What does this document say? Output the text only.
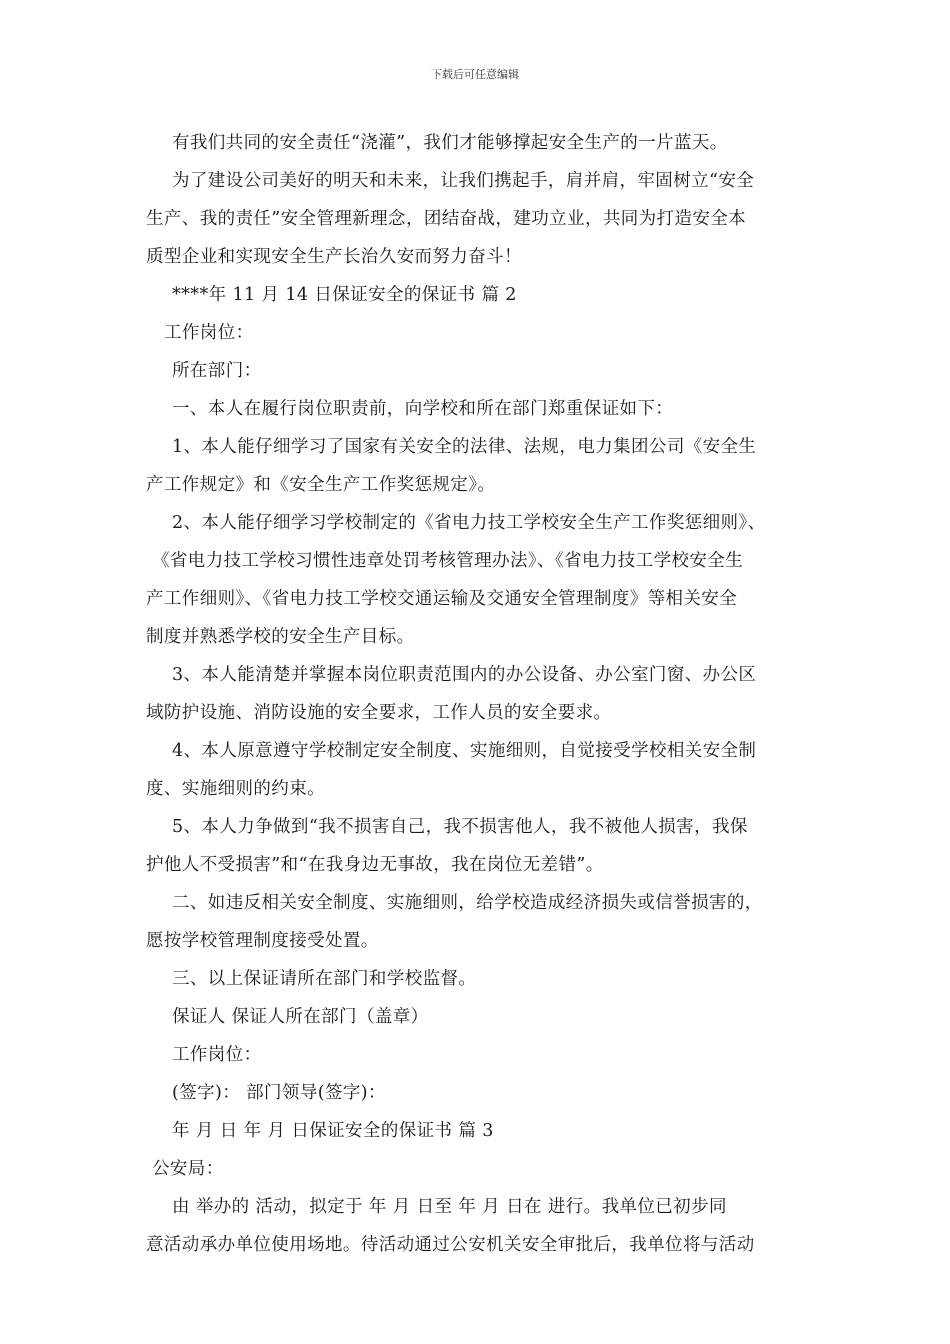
下载后可任意编辑
有我们共同的安全责任“浇灌”，我们才能够撑起安全生产的一片蓝天。
为了建设公司美好的明天和未来，让我们携起手，肩并肩，牢固树立“安全
生产、我的责任”安全管理新理念，团结奋战，建功立业，共同为打造安全本
质型企业和实现安全生产长治久安而努力奋斗！
****年 11 月 14 日保证安全的保证书 篇 2
工作岗位：
所在部门：
一、本人在履行岗位职责前，向学校和所在部门郑重保证如下：
1、本人能仔细学习了国家有关安全的法律、法规，电力集团公司《安全生
产工作规定》和《安全生产工作奖惩规定》。
2、本人能仔细学习学校制定的《省电力技工学校安全生产工作奖惩细则》、
《省电力技工学校习惯性违章处罚考核管理办法》、《省电力技工学校安全生
产工作细则》、《省电力技工学校交通运输及交通安全管理制度》等相关安全
制度并熟悉学校的安全生产目标。
3、本人能清楚并掌握本岗位职责范围内的办公设备、办公室门窗、办公区
域防护设施、消防设施的安全要求，工作人员的安全要求。
4、本人原意遵守学校制定安全制度、实施细则，自觉接受学校相关安全制
度、实施细则的约束。
5、本人力争做到“我不损害自己，我不损害他人，我不被他人损害，我保
护他人不受损害”和“在我身边无事故，我在岗位无差错”。
二、如违反相关安全制度、实施细则，给学校造成经济损失或信誉损害的，
愿按学校管理制度接受处置。
三、以上保证请所在部门和学校监督。
保证人 保证人所在部门（盖章）
工作岗位：
(签字)： 部门领导(签字)：
年 月 日 年 月 日保证安全的保证书 篇 3
公安局：
由 举办的 活动，拟定于 年 月 日至 年 月 日在 进行。我单位已初步同
意活动承办单位使用场地。待活动通过公安机关安全审批后，我单位将与活动
